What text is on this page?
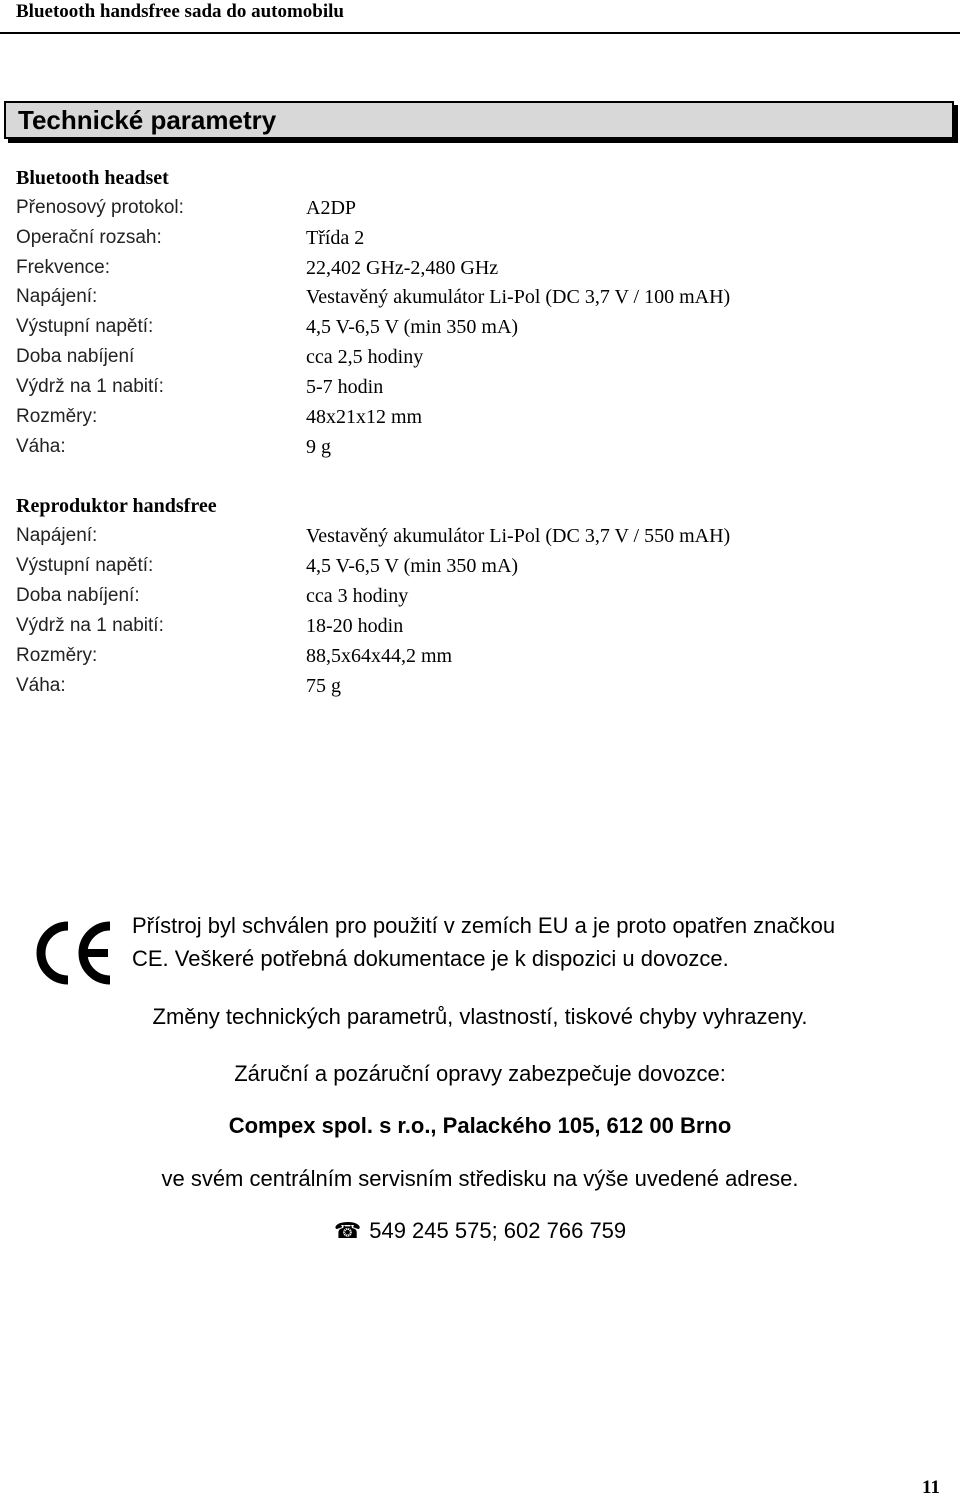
Bluetooth handsfree sada do automobilu
Technické parametry
Bluetooth headset
Přenosový protokol:	A2DP
Operační rozsah:	Třída 2
Frekvence:	22,402 GHz-2,480 GHz
Napájení:	Vestavěný akumulátor Li-Pol (DC 3,7 V / 100 mAH)
Výstupní napětí:	4,5 V-6,5 V (min 350 mA)
Doba nabíjení	cca 2,5 hodiny
Výdrž na 1 nabití:	5-7 hodin
Rozměry:	48x21x12 mm
Váha:	9 g
Reproduktor handsfree
Napájení:	Vestavěný akumulátor Li-Pol (DC 3,7 V / 550 mAH)
Výstupní napětí:	4,5 V-6,5 V (min 350 mA)
Doba nabíjení:	cca 3 hodiny
Výdrž na 1 nabití:	18-20 hodin
Rozměry:	88,5x64x44,2 mm
Váha:	75 g
Přístroj byl schválen pro použití v zemích EU a je proto opatřen značkou
CE. Veškeré potřebná dokumentace je k dispozici u dovozce.
Změny technických parametrů, vlastností, tiskové chyby vyhrazeny.
Záruční a pozáruční opravy zabezpečuje dovozce:
Compex spol. s r.o., Palackého 105, 612 00 Brno
ve svém centrálním servisním středisku na výše uvedené adrese.
☎ 549 245 575; 602 766 759
11
